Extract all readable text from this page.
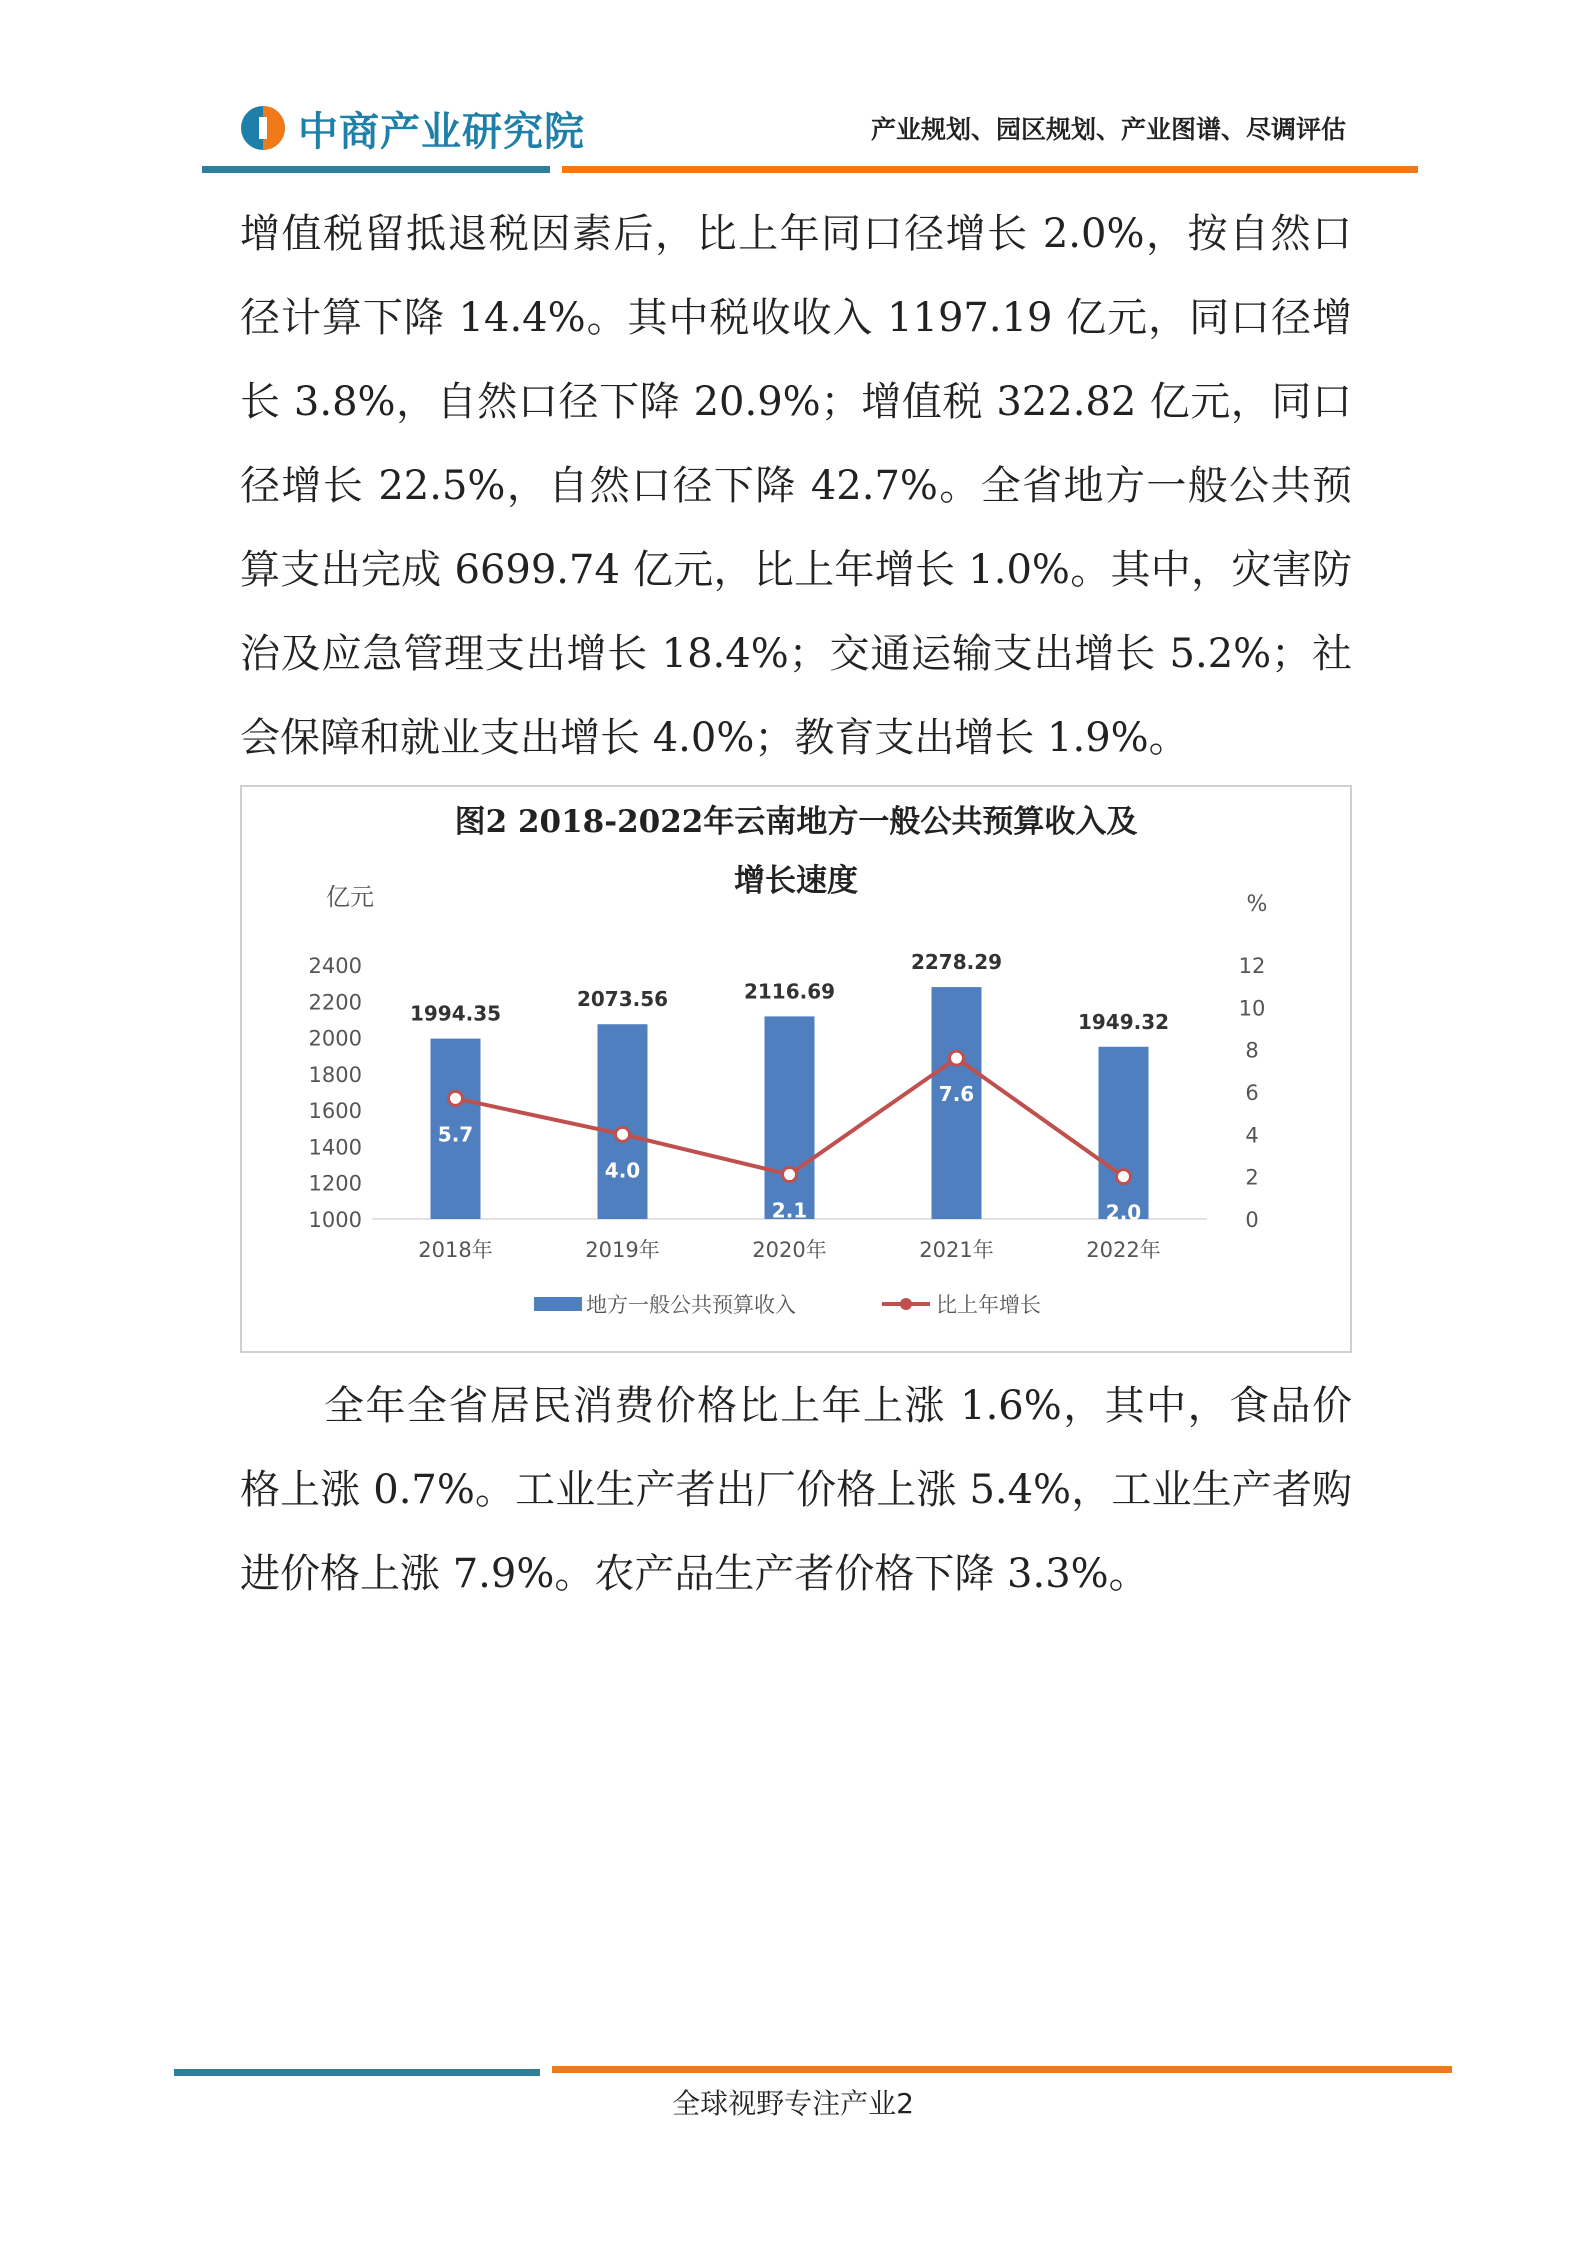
中商产业研究院	产业规划、园区规划、产业图谱、尽调评估

增值税留抵退税因素后，比上年同口径增长 2.0%，按自然口径计算下降 14.4%。其中税收收入 1197.19 亿元，同口径增长 3.8%，自然口径下降 20.9%；增值税 322.82 亿元，同口径增长 22.5%，自然口径下降 42.7%。全省地方一般公共预算支出完成 6699.74 亿元，比上年增长 1.0%。其中，灾害防治及应急管理支出增长 18.4%；交通运输支出增长 5.2%；社会保障和就业支出增长 4.0%；教育支出增长 1.9%。

图2 2018-2022年云南地方一般公共预算收入及
增长速度
亿元	%
2400
2200
2000
1800
1600
1400
1200
1000
12
10
8
6
4
2
0
1994.35
2073.56	2116.69
2278.29
1949.32
5.7
4.0
2.1
7.6
2.0
2018年	2019年	2020年	2021年	2022年
地方一般公共预算收入	比上年增长

全年全省居民消费价格比上年上涨 1.6%，其中，食品价格上涨 0.7%。工业生产者出厂价格上涨 5.4%，工业生产者购进价格上涨 7.9%。农产品生产者价格下降 3.3%。

全球视野专注产业2
